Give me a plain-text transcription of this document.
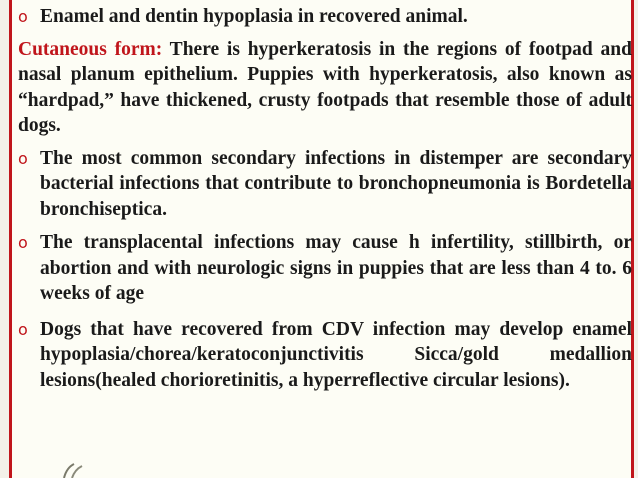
o Enamel and dentin hypoplasia in recovered animal.

Cutaneous form: There is hyperkeratosis in the regions of footpad and nasal planum epithelium. Puppies with hyperkeratosis, also known as “hardpad,” have thickened, crusty footpads that resemble those of adult dogs.

o The most common secondary infections in distemper are secondary bacterial infections that contribute to bronchopneumonia is Bordetella bronchiseptica.
o The transplacental infections may cause h infertility, stillbirth, or abortion and with neurologic signs in puppies that are less than 4 to. 6 weeks of age
o Dogs that have recovered from CDV infection may develop enamel hypoplasia/chorea/keratoconjunctivitis Sicca/gold medallion lesions(healed chorioretinitis, a hyperreflective circular lesions).
